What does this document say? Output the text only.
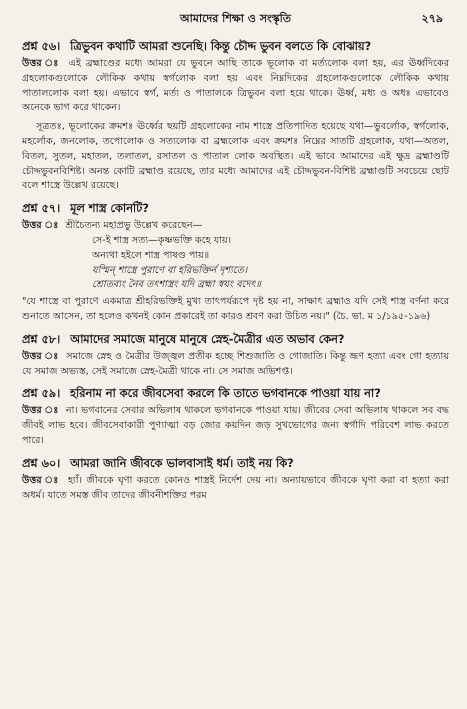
আমাদের শিক্ষা ও সংস্কৃতি	২৭৯
প্রশ্ন ৫৬। ত্রিভুবন কথাটি আমরা শুনেছি। কিন্তু চৌদ্দ ভুবন বলতে কি বোঝায়?
উত্তর ঃ এই ব্রহ্মাণ্ডের মধ্যে আমরা যে ভুবনে আছি তাকে ভূলোক বা মর্ত্যলোক বলা হয়, এর ঊর্ধ্বদিকের গ্রহলোকগুলোকে লৌকিক কথায় স্বর্গলোক বলা হয় এবং নিম্নদিকের গ্রহলোকগুলোকে লৌকিক কথায় পাতাললোক বলা হয়। এভাবে স্বর্গ, মর্ত্য ও পাতালকে ত্রিভুবন বলা হয়ে থাকে। ঊর্ধ্ব, মধ্য ও অধঃ এভাবেও অনেকে ভাগ করে থাকেন।
সূত্রতঃ, ভূলোকের ক্রমশঃ ঊর্ধ্বের ছয়টি গ্রহলোকের নাম শাস্ত্রে প্রতিপাদিত হয়েছে যথা—ভুবর্লোক, স্বর্গলোক, মহর্লোক, জনলোক, তপোলোক ও সত্যলোক বা ব্রহ্মলোক এবং ক্রমশঃ নিম্নের সাতটি গ্রহলোক, যথা—অতল, বিতল, সুতল, মহাতল, তলাতল, রসাতল ও পাতাল লোক অবস্থিত। এই ভাবে আমাদের এই ক্ষুদ্র ব্রহ্মাণ্ডটি চৌদ্দভুবনবিশিষ্ট। অনন্ত কোটি ব্রহ্মাণ্ড রয়েছে, তার মধ্যে আমাদের এই চৌদ্দভুবন-বিশিষ্ট ব্রহ্মাণ্ডটি সবচেয়ে ছোট বলে শাস্ত্রে উল্লেখ রয়েছে।
প্রশ্ন ৫৭। মূল শাস্ত্র কোনটি?
উত্তর ঃ শ্রীচৈতন্য মহাপ্রভু উল্লেখ করেছেন—
সে-ই শাস্ত্র সত্য—কৃষ্ণভক্তি কহে যায়।
অন্যথা হইলে শাস্ত্র পাষণ্ড পায়॥
যস্মিন্ শাস্ত্রে পুরাণে বা হরিভক্তির্ন দৃশ্যতে।
শ্রোতব্যং নৈব তৎশাস্ত্রং যদি ব্রহ্মা স্বয়ং বদেৎ॥
"যে শাস্ত্রে বা পুরাণে একমাত্র শ্রীহরিভক্তিই মুখ্য তাৎপর্যরূপে দৃষ্ট হয় না, সাক্ষাৎ ব্রহ্মাও যদি সেই শাস্ত্র বর্ণনা করে শুনাতে আসেন, তা হলেও কখনই কোন প্রকারেই তা কারও শ্রবণ করা উচিত নয়।" (চৈ. ভা. ম ১/১৯৫-১৯৬)
প্রশ্ন ৫৮। আমাদের সমাজে মানুষে মানুষে স্নেহ-মৈত্রীর এত অভাব কেন?
উত্তর ঃ সমাজে স্নেহ ও মৈত্রীর উজ্জ্বল প্রতীক হচ্ছে শিশুজাতি ও গোজাতি। কিন্তু ভ্রূণ হত্যা এবং গো হত্যায় যে সমাজ অভ্যস্ত, সেই সমাজে স্নেহ-মৈত্রী থাকে না। সে সমাজ অভিশপ্ত।
প্রশ্ন ৫৯। হরিনাম না করে জীবসেবা করলে কি তাতে ভগবানকে পাওয়া যায় না?
উত্তর ঃ না। ভগবানের সেবার অভিলাষ থাকলে ভগবানকে পাওয়া যায়। জীবের সেবা অভিলাষ থাকলে সব বদ্ধ জীবই লাভ হবে। জীবসেবাকারী পুণ্যাত্মা বড় জোর কয়দিন জড় সুখভোগের জন্য স্বর্গাদি পরিবেশ লাভ করতে পারে।
প্রশ্ন ৬০। আমরা জানি জীবকে ভালবাসাই ধর্ম। তাই নয় কি?
উত্তর ঃ হ্যাঁ। জীবকে ঘৃণা করতে কোনও শাস্ত্রই নির্দেশ দেয় না। অন্যায়ভাবে জীবকে ঘৃণা করা বা হত্যা করা অধর্ম। যাতে সমস্ত জীব তাদের জীবনীশক্তির পরম
